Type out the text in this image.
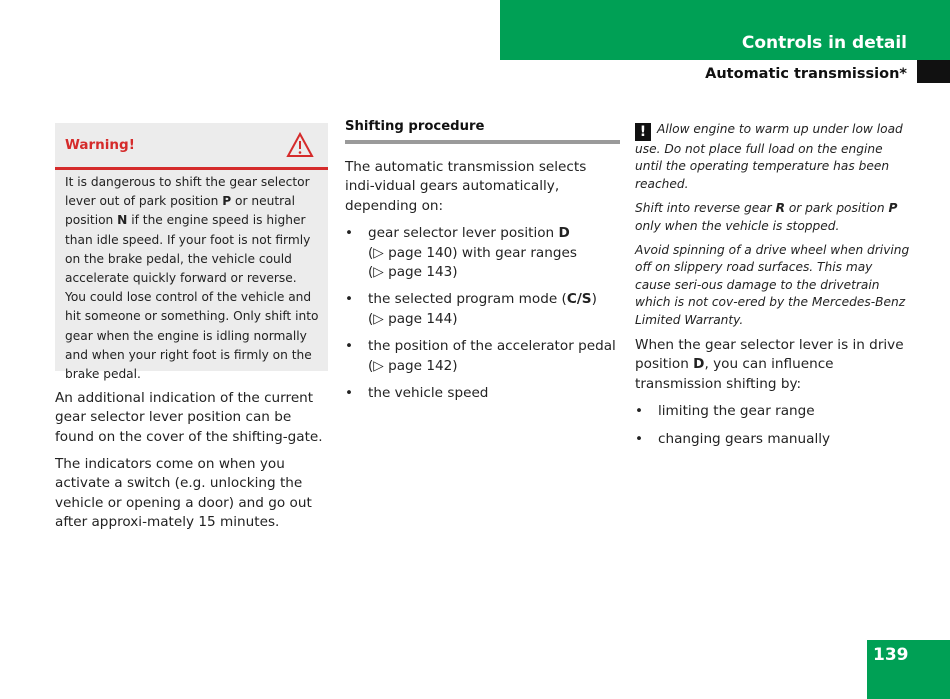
Controls in detail
Automatic transmission*
Warning!
It is dangerous to shift the gear selector lever out of park position P or neutral position N if the engine speed is higher than idle speed. If your foot is not firmly on the brake pedal, the vehicle could accelerate quickly forward or reverse. You could lose control of the vehicle and hit someone or something. Only shift into gear when the engine is idling normally and when your right foot is firmly on the brake pedal.

An additional indication of the current gear selector lever position can be found on the cover of the shifting-gate.

The indicators come on when you activate a switch (e.g. unlocking the vehicle or opening a door) and go out after approxi-mately 15 minutes.

Shifting procedure

The automatic transmission selects indi-vidual gears automatically, depending on:

• gear selector lever position D
(▷ page 140) with gear ranges
(▷ page 143)
• the selected program mode (C/S)
(▷ page 144)
• the position of the accelerator pedal
(▷ page 142)
• the vehicle speed
! Allow engine to warm up under low load use. Do not place full load on the engine until the operating temperature has been reached.
Shift into reverse gear R or park position P only when the vehicle is stopped.
Avoid spinning of a drive wheel when driving off on slippery road surfaces. This may cause seri-ous damage to the drivetrain which is not cov-ered by the Mercedes-Benz Limited Warranty.

When the gear selector lever is in drive position D, you can influence transmission shifting by:

• limiting the gear range
• changing gears manually
139
